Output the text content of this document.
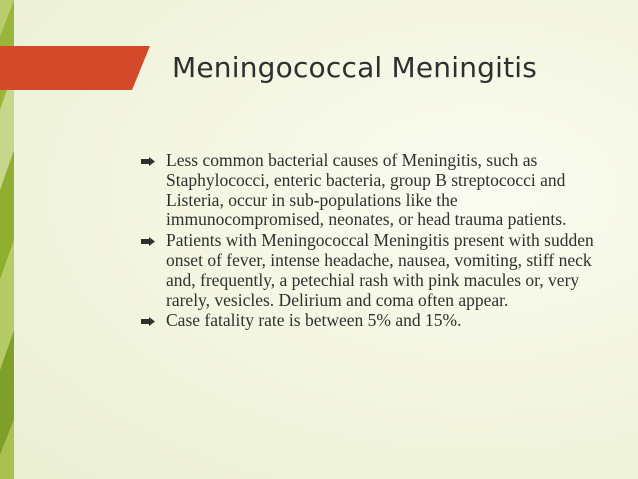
Meningococcal Meningitis
Less common bacterial causes of Meningitis, such as Staphylococci, enteric bacteria, group B streptococci and Listeria, occur in sub-populations like the immunocompromised, neonates, or head trauma patients.
Patients with Meningococcal Meningitis present with sudden onset of fever, intense headache, nausea, vomiting, stiff neck and, frequently, a petechial rash with pink macules or, very rarely, vesicles. Delirium and coma often appear.
Case fatality rate is between 5% and 15%.
